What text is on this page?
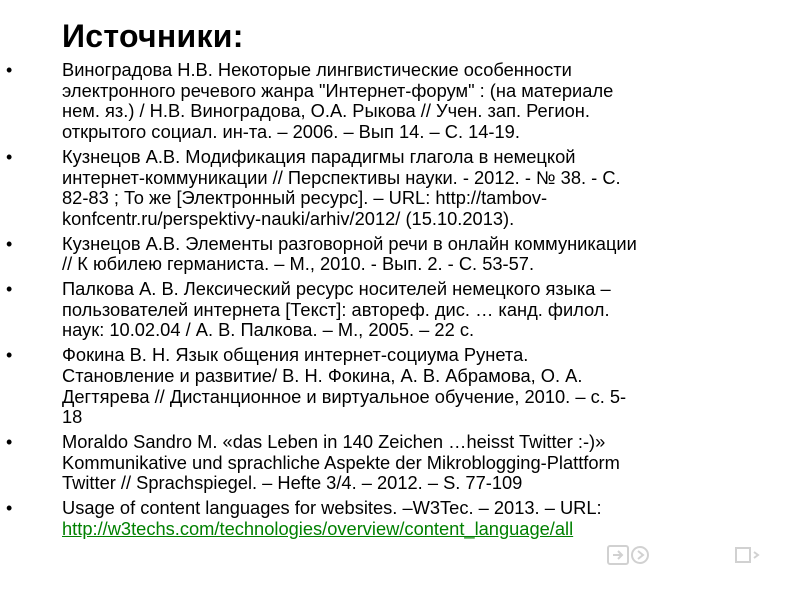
Источники:
•	Виноградова Н.В. Некоторые лингвистические особенности
электронного речевого жанра "Интернет-форум" : (на материале
нем. яз.) / Н.В. Виноградова, О.А. Рыкова // Учен. зап. Регион.
открытого социал. ин-та. – 2006. – Вып 14. – С. 14-19.
•	Кузнецов А.В. Модификация парадигмы глагола в немецкой
интернет-коммуникации // Перспективы науки. - 2012. - № 38. - С.
82-83 ; То же [Электронный ресурс]. – URL: http://tambov-
konfcentr.ru/perspektivy-nauki/arhiv/2012/ (15.10.2013).
•	Кузнецов А.В. Элементы разговорной речи в онлайн коммуникации
// К юбилею германиста. – М., 2010. - Вып. 2. - С. 53-57.
•	Палкова А. В. Лексический ресурс носителей немецкого языка –
пользователей интернета [Текст]: автореф. дис. … канд. филол.
наук: 10.02.04 / А. В. Палкова. – М., 2005. – 22 с.
•	Фокина В. Н. Язык общения интернет-социума Рунета.
Становление и развитие/ В. Н. Фокина, А. В. Абрамова, О. А.
Дегтярева // Дистанционное и виртуальное обучение, 2010. – с. 5-
18
•	Moraldo Sandro M. «das Leben in 140 Zeichen …heisst Twitter :-)»
Kommunikative und sprachliche Aspekte der Mikroblogging-Plattform
Twitter // Sprachspiegel. – Hefte 3/4. – 2012. – S. 77-109
•	Usage of content languages for websites. –W3Tec. – 2013. – URL:
http://w3techs.com/technologies/overview/content_language/all
